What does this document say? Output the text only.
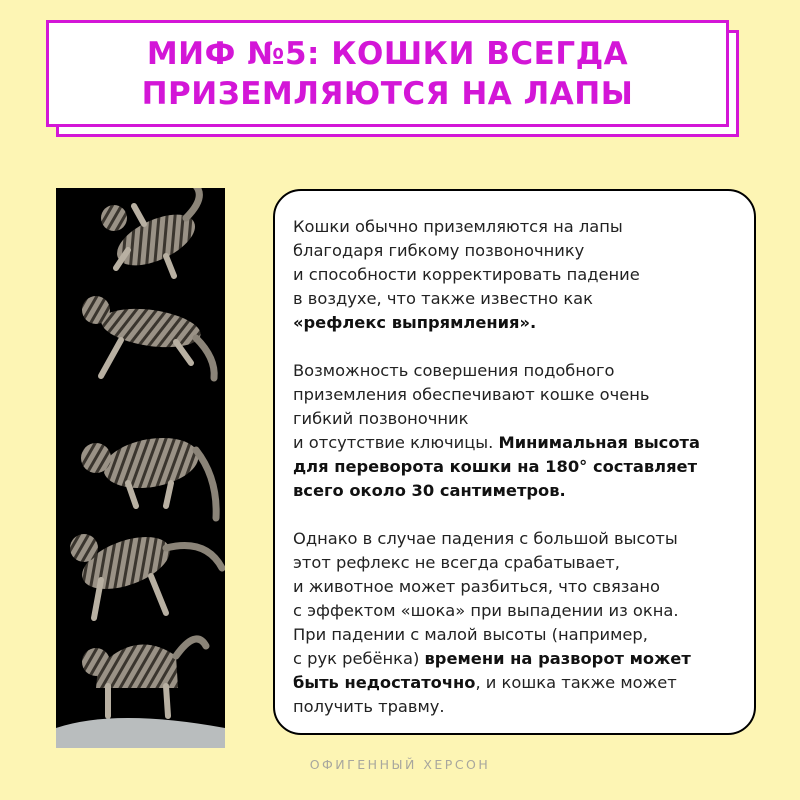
МИФ №5: КОШКИ ВСЕГДА
ПРИЗЕМЛЯЮТСЯ НА ЛАПЫ
Кошки обычно приземляются на лапы
благодаря гибкому позвоночнику
и способности корректировать падение
в воздухе, что также известно как
«рефлекс выпрямления».
Возможность совершения подобного
приземления обеспечивают кошке очень
гибкий позвоночник
и отсутствие ключицы. Минимальная высота
для переворота кошки на 180° составляет
всего около 30 сантиметров.
Однако в случае падения с большой высоты
этот рефлекс не всегда срабатывает,
и животное может разбиться, что связано
с эффектом «шока» при выпадении из окна.
При падении с малой высоты (например,
с рук ребёнка) времени на разворот может
быть недостаточно, и кошка также может
получить травму.
ОФИГЕННЫЙ ХЕРСОН
